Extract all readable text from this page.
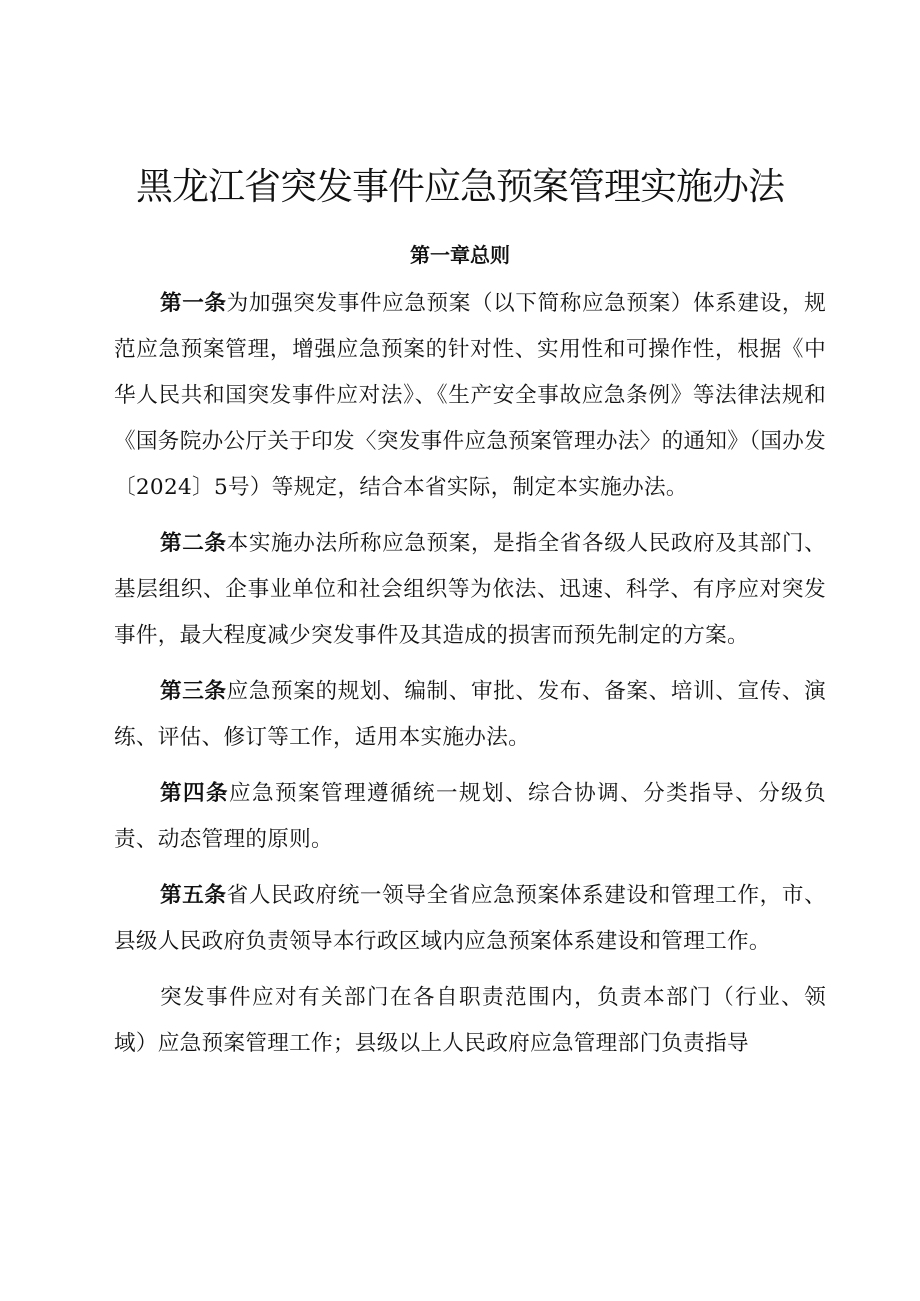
黑龙江省突发事件应急预案管理实施办法
第一章总则

第一条为加强突发事件应急预案（以下简称应急预案）体系建设，规范应急预案管理，增强应急预案的针对性、实用性和可操作性，根据《中华人民共和国突发事件应对法》、《生产安全事故应急条例》等法律法规和《国务院办公厅关于印发〈突发事件应急预案管理办法〉的通知》（国办发〔2024〕5号）等规定，结合本省实际，制定本实施办法。

第二条本实施办法所称应急预案，是指全省各级人民政府及其部门、基层组织、企事业单位和社会组织等为依法、迅速、科学、有序应对突发事件，最大程度减少突发事件及其造成的损害而预先制定的方案。

第三条应急预案的规划、编制、审批、发布、备案、培训、宣传、演练、评估、修订等工作，适用本实施办法。

第四条应急预案管理遵循统一规划、综合协调、分类指导、分级负责、动态管理的原则。

第五条省人民政府统一领导全省应急预案体系建设和管理工作，市、县级人民政府负责领导本行政区域内应急预案体系建设和管理工作。

突发事件应对有关部门在各自职责范围内，负责本部门（行业、领域）应急预案管理工作；县级以上人民政府应急管理部门负责指导
